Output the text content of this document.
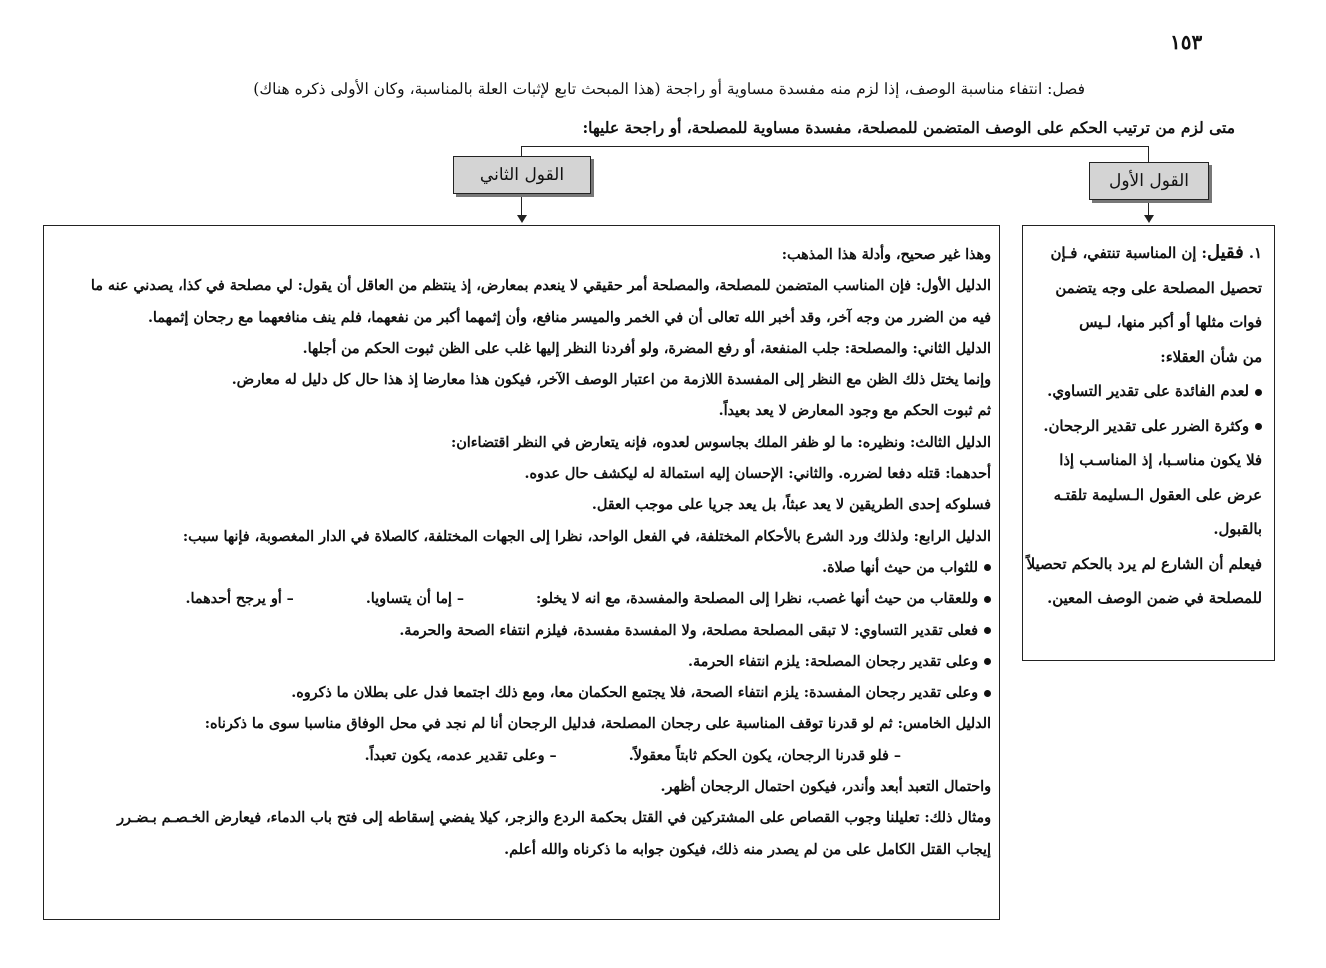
١٥٣
فصل: انتفاء مناسبة الوصف، إذا لزم منه مفسدة مساوية أو راجحة (هذا المبحث تابع لإثبات العلة بالمناسبة، وكان الأولى ذكره هناك)
متى لزم من ترتيب الحكم على الوصف المتضمن للمصلحة، مفسدة مساوية للمصلحة، أو راجحة عليها:
القول الأول
القول الثاني

١. فقيل: إن المناسبة تنتفي، فـإن

تحصيل المصلحة على وجه يتضمن

فوات مثلها أو أكبر منها، لـيس

من شأن العقلاء:

لعدم الفائدة على تقدير التساوي.

وكثرة الضرر على تقدير الرجحان.

فلا يكون مناسـبا، إذ المناسـب إذا

عرض على العقول الـسليمة تلقتـه

بالقبول.

فيعلم أن الشارع لم يرد بالحكم تحصيلاً

للمصلحة في ضمن الوصف المعين.

وهذا غير صحيح، وأدلة هذا المذهب:

الدليل الأول: فإن المناسب المتضمن للمصلحة، والمصلحة أمر حقيقي لا ينعدم بمعارض، إذ ينتظم من العاقل أن يقول: لي مصلحة في كذا، يصدني عنه ما

فيه من الضرر من وجه آخر، وقد أخبر الله تعالى أن في الخمر والميسر منافع، وأن إثمهما أكبر من نفعهما، فلم ينف منافعهما مع رجحان إثمهما.

الدليل الثاني: والمصلحة: جلب المنفعة، أو رفع المضرة، ولو أفردنا النظر إليها غلب على الظن ثبوت الحكم من أجلها.

وإنما يختل ذلك الظن مع النظر إلى المفسدة اللازمة من اعتبار الوصف الآخر، فيكون هذا معارضا إذ هذا حال كل دليل له معارض.

ثم ثبوت الحكم مع وجود المعارض لا يعد بعيداً.

الدليل الثالث: ونظيره: ما لو ظفر الملك بجاسوس لعدوه، فإنه يتعارض في النظر اقتضاءان:

أحدهما: قتله دفعا لضرره. والثاني: الإحسان إليه استمالة له ليكشف حال عدوه.

فسلوكه إحدى الطريقين لا يعد عبثاً، بل يعد جريا على موجب العقل.

الدليل الرابع: ولذلك ورد الشرع بالأحكام المختلفة، في الفعل الواحد، نظرا إلى الجهات المختلفة، كالصلاة في الدار المغصوبة، فإنها سبب:

للثواب من حيث أنها صلاة.

وللعقاب من حيث أنها غصب، نظرا إلى المصلحة والمفسدة، مع انه لا يخلو:– إما أن يتساويا.– أو يرجح أحدهما.

فعلى تقدير التساوي: لا تبقى المصلحة مصلحة، ولا المفسدة مفسدة، فيلزم انتفاء الصحة والحرمة.

وعلى تقدير رجحان المصلحة: يلزم انتفاء الحرمة.

وعلى تقدير رجحان المفسدة: يلزم انتفاء الصحة، فلا يجتمع الحكمان معا، ومع ذلك اجتمعا فدل على بطلان ما ذكروه.

الدليل الخامس: ثم لو قدرنا توقف المناسبة على رجحان المصلحة، فدليل الرجحان أنا لم نجد في محل الوفاق مناسبا سوى ما ذكرناه:

– فلو قدرنا الرجحان، يكون الحكم ثابتاً معقولاً.– وعلى تقدير عدمه، يكون تعبداً.

واحتمال التعبد أبعد وأندر، فيكون احتمال الرجحان أظهر.

ومثال ذلك: تعليلنا وجوب القصاص على المشتركين في القتل بحكمة الردع والزجر، كيلا يفضي إسقاطه إلى فتح باب الدماء، فيعارض الخـصـم بـضـرر

إيجاب القتل الكامل على من لم يصدر منه ذلك، فيكون جوابه ما ذكرناه والله أعلم.
